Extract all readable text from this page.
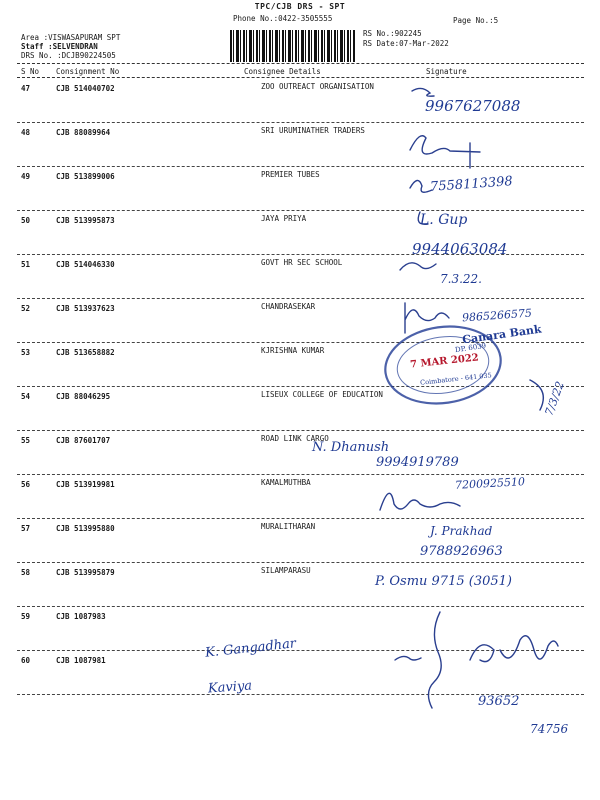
TPC/CJB DRS - SPT
Page No.:5
Phone No.:0422-3505555
RS No.:902245
RS Date:07-Mar-2022
Area :VISWASAPURAM SPT
Staff :SELVENDRAN
DRS No. :DCJB90224505
S No Consignment No	Consignee Details	Signature
47	CJB 514040702	ZOO OUTREACT ORGANISATION
48	CJB 88089964	SRI URUMINATHER TRADERS
49	CJB 513899006	PREMIER TUBES
50	CJB 513995873	JAYA PRIYA
51	CJB 514046330	GOVT HR SEC SCHOOL
52	CJB 513937623	CHANDRASEKAR
53	CJB 513658882	KJRISHNA KUMAR
54	CJB 88046295	LISEUX COLLEGE OF EDUCATION
55	CJB 87601707	ROAD LINK CARGO
56	CJB 513919981	KAMALMUTHBA
57	CJB 513995880	MURALITHARAN
58	CJB 513995879	SILAMPARASU
59	CJB 1087983
60	CJB 1087981
Canara Bank
DP. 6039
7 MAR 2022
Coimbatore - 641 035
9967627088
7558113398
L. Gup
9944063084
7.3.22.
9865266575
7/3/22
N. Dhanush
9994919789
7200925510
J. Prakhad
9788926963
P. Osmu 9715 (3051)
K. Gangadhar
Kaviya
93652
74756
